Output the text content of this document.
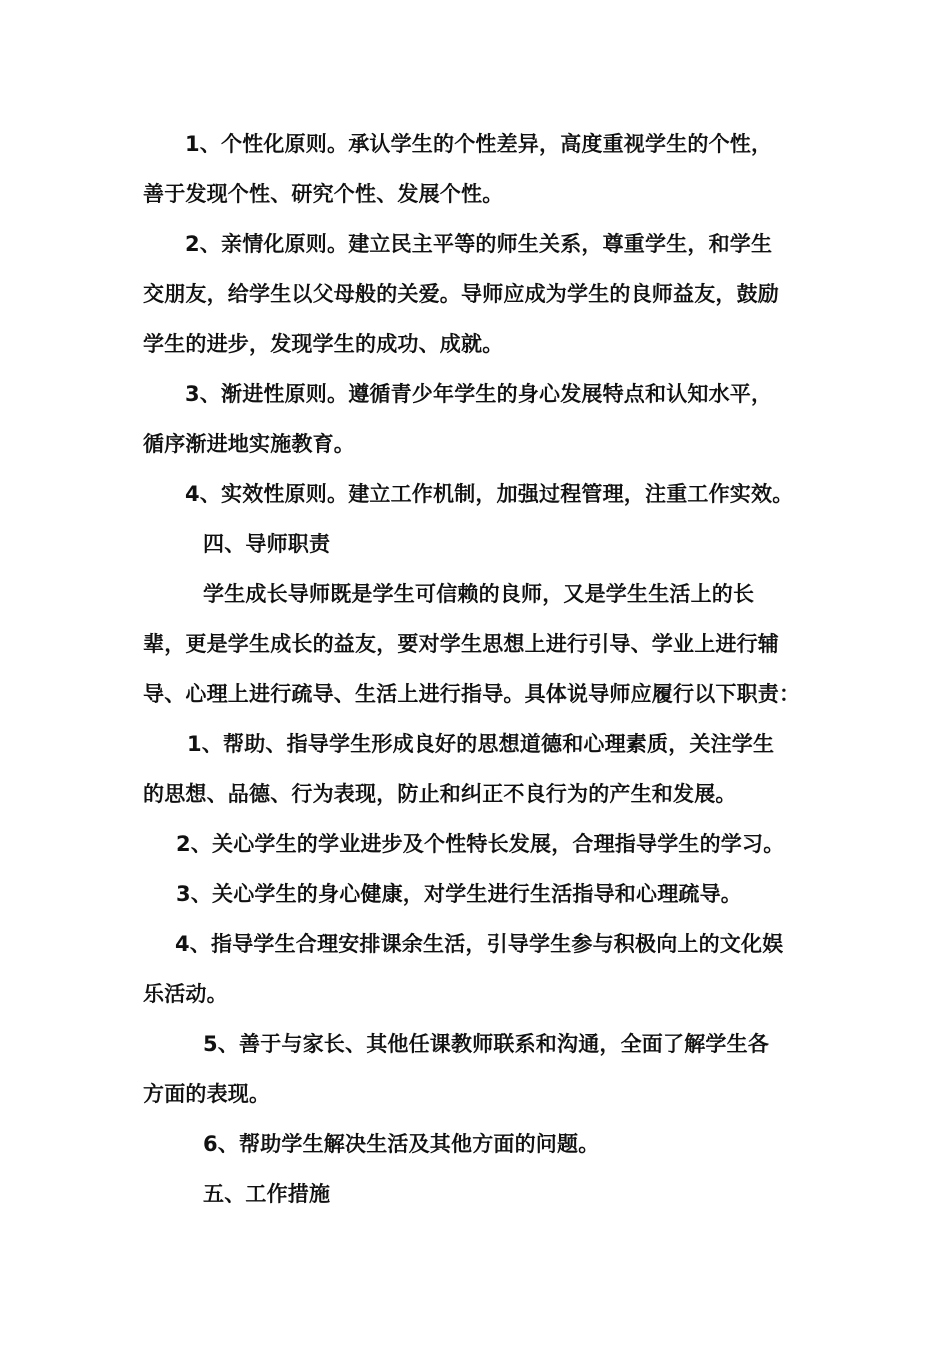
1、个性化原则。承认学生的个性差异，高度重视学生的个性，
善于发现个性、研究个性、发展个性。
2、亲情化原则。建立民主平等的师生关系，尊重学生，和学生
交朋友，给学生以父母般的关爱。导师应成为学生的良师益友，鼓励
学生的进步，发现学生的成功、成就。
3、渐进性原则。遵循青少年学生的身心发展特点和认知水平，
循序渐进地实施教育。
4、实效性原则。建立工作机制，加强过程管理，注重工作实效。
四、导师职责
学生成长导师既是学生可信赖的良师，又是学生生活上的长
辈，更是学生成长的益友，要对学生思想上进行引导、学业上进行辅
导、心理上进行疏导、生活上进行指导。具体说导师应履行以下职责：
1、帮助、指导学生形成良好的思想道德和心理素质，关注学生
的思想、品德、行为表现，防止和纠正不良行为的产生和发展。
2、关心学生的学业进步及个性特长发展，合理指导学生的学习。
3、关心学生的身心健康，对学生进行生活指导和心理疏导。
4、指导学生合理安排课余生活，引导学生参与积极向上的文化娱
乐活动。
5、善于与家长、其他任课教师联系和沟通，全面了解学生各
方面的表现。
6、帮助学生解决生活及其他方面的问题。
五、工作措施
